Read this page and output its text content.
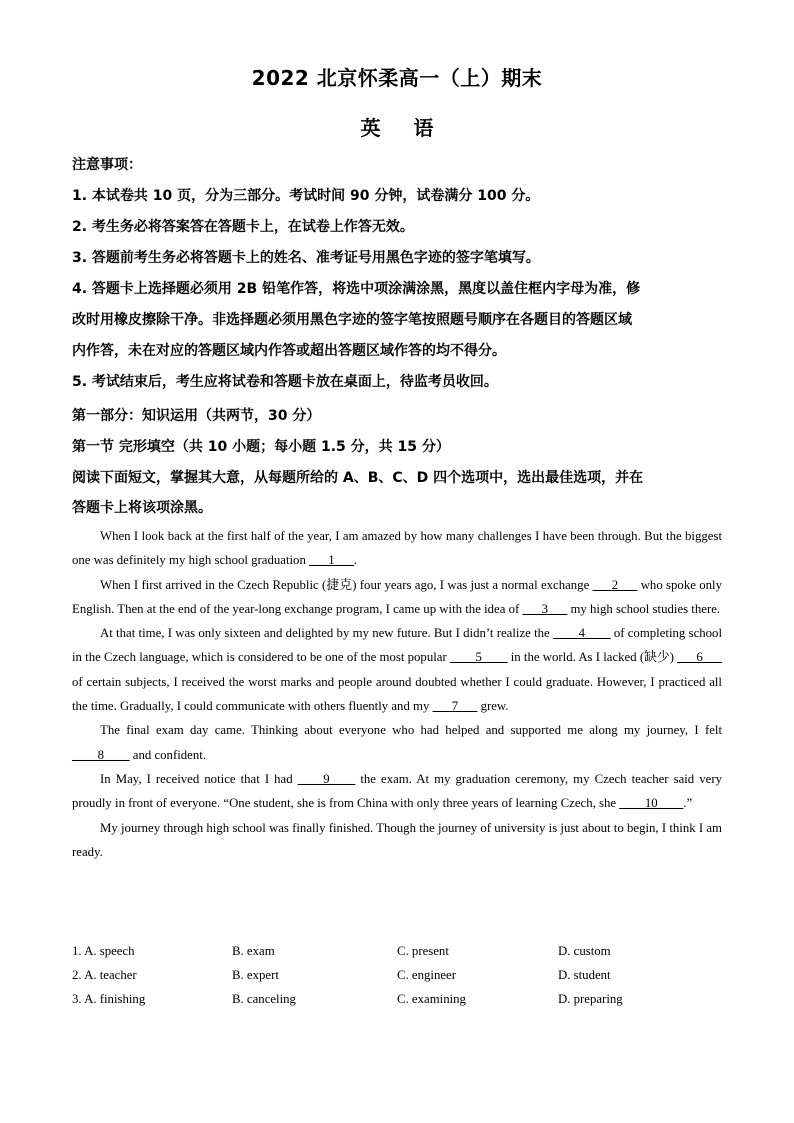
2022 北京怀柔高一（上）期末
英 语
注意事项：
1. 本试卷共 10 页，分为三部分。考试时间 90 分钟，试卷满分 100 分。
2. 考生务必将答案答在答题卡上，在试卷上作答无效。
3. 答题前考生务必将答题卡上的姓名、准考证号用黑色字迹的签字笔填写。
4. 答题卡上选择题必须用 2B 铅笔作答，将选中项涂满涂黑，黑度以盖住框内字母为准，修
改时用橡皮擦除干净。非选择题必须用黑色字迹的签字笔按照题号顺序在各题目的答题区域
内作答，未在对应的答题区域内作答或超出答题区域作答的均不得分。
5. 考试结束后，考生应将试卷和答题卡放在桌面上，待监考员收回。
第一部分：知识运用（共两节，30 分）
第一节 完形填空（共 10 小题；每小题 1.5 分，共 15 分）
阅读下面短文，掌握其大意，从每题所给的 A、B、C、D 四个选项中，选出最佳选项，并在
答题卡上将该项涂黑。

When I look back at the first half of the year, I am amazed by how many challenges I have been through. But the biggest one was definitely my high school graduation ___1___.

When I first arrived in the Czech Republic (捷克) four years ago, I was just a normal exchange ___2___ who spoke only English. Then at the end of the year-long exchange program, I came up with the idea of ___3___ my high school studies there.

At that time, I was only sixteen and delighted by my new future. But I didn’t realize the ____4____ of completing school in the Czech language, which is considered to be one of the most popular ____5____ in the world. As I lacked (缺少) ___6___ of certain subjects, I received the worst marks and people around doubted whether I could graduate. However, I practiced all the time. Gradually, I could communicate with others fluently and my ___7___ grew.

The final exam day came. Thinking about everyone who had helped and supported me along my journey, I felt ____8____ and confident.

In May, I received notice that I had ____9____ the exam. At my graduation ceremony, my Czech teacher said very proudly in front of everyone. “One student, she is from China with only three years of learning Czech, she ____10____.”

My journey through high school was finally finished. Though the journey of university is just about to begin, I think I am ready.

1. A. speech	B. exam	C. present	D. custom
2. A. teacher	B. expert	C. engineer	D. student
3. A. finishing	B. canceling	C. examining	D. preparing
